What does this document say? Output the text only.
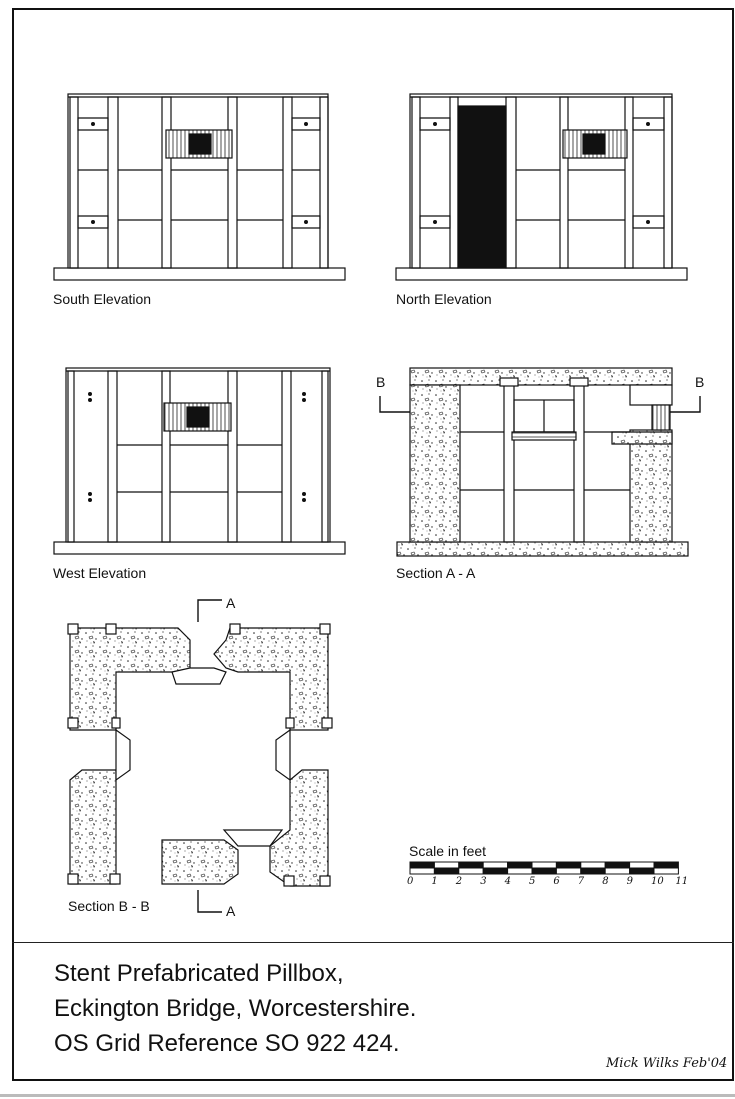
South Elevation	North Elevation
West Elevation	Section A - A
Section B - B
B	B
A
A
Scale in feet
0 1 2 3 4 5 6 7 8 9 10 11
Stent Prefabricated Pillbox,
Eckington Bridge, Worcestershire.
OS Grid Reference SO 922 424.
Mick Wilks Feb'04
